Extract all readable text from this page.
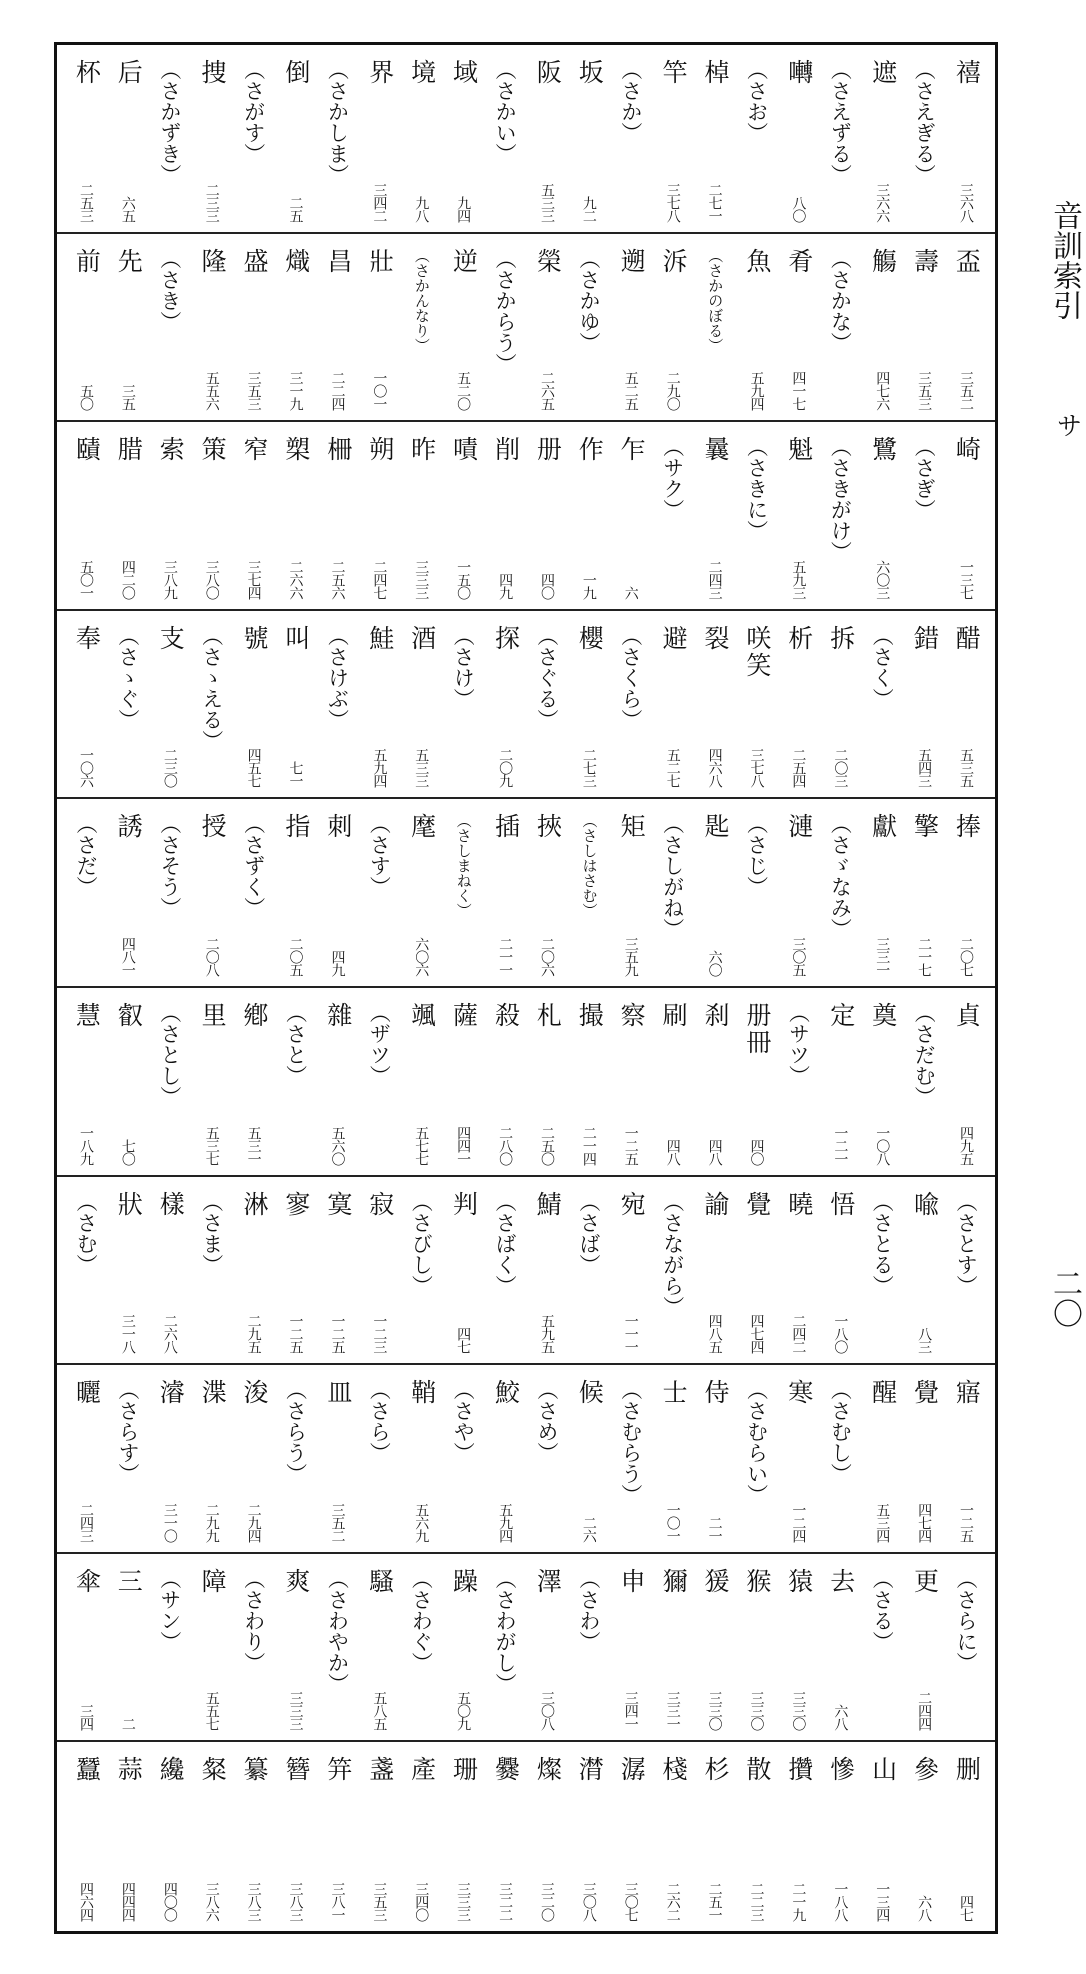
禧
三六八
（さえぎる）
遮
三六六
（さえずる）
囀
八〇
（さお）
棹
二七一
竿
三七八
（さか）
坂
九二
阪
五三三
（さかい）
域
九四
境
九八
界
三四二
（さかしま）
倒
二五
（さがす）
捜
二三三
（さかずき）
后
六五
杯
二五三
盃
三五二
壽
三五三
觴
四七六
（さかな）
肴
四一七
魚
五九四
（さかのぼる）
泝
二九〇
遡
五二五
（さかゆ）
榮
二六五
（さからう）
逆
五二〇
（さかんなり）
壯
一〇一
昌
二二四
熾
三一九
盛
三五三
隆
五五六
（さき）
先
三五
前
五〇
崎
一三七
（さぎ）
鷺
六〇三
（さきがけ）
魁
五九三
（さきに）
曩
二四三
（サク）
乍
六
作
一九
册
四〇
削
四九
嘖
一五〇
昨
三三三
朔
二四七
柵
二五六
槊
二六六
窄
三七四
策
三八〇
索
三八九
腊
四二〇
賾
五〇一
醋
五三五
錯
五四三
（さく）
拆
二〇三
析
二五四
咲笑
三七八
裂
四六八
避
五二七
（さくら）
櫻
二七三
（さぐる）
探
二〇九
（さけ）
酒
五三三
鮭
五九四
（さけぶ）
叫
七一
號
四五七
（さゝえる）
支
二三〇
（さゝぐ）
奉
一〇六
捧
二〇七
擎
二一七
獻
三三一
（さゞなみ）
漣
三〇五
（さじ）
匙
六〇
（さしがね）
矩
三五九
（さしはさむ）
挾
二〇六
插
二一一
（さしまねく）
麾
六〇六
（さす）
刺
四九
指
二〇五
（さずく）
授
二〇八
（さそう）
誘
四八一
（さだ）
貞
四九五
（さだむ）
奠
一〇八
定
一二一
（サツ）
册冊
四〇
刹
四八
刷
四八
察
一二五
撮
二一四
札
二五〇
殺
二八〇
薩
四四一
颯
五七七
（ザツ）
雜
五六〇
（さと）
鄕
五三一
里
五三七
（さとし）
叡
七〇
慧
一八九
（さとす）
喩
八三
（さとる）
悟
一八〇
曉
二四二
覺
四七四
諭
四八五
（さながら）
宛
一一一
（さば）
鯖
五九五
（さばく）
判
四七
（さびし）
寂
一二三
寞
一二五
寥
一二五
淋
二九五
（さま）
樣
二六八
狀
三一八
（さむ）
寤
一二五
覺
四七四
醒
五三四
（さむし）
寒
一二四
（さむらい）
侍
二一
士
一〇一
（さむらう）
候
二六
（さめ）
鮫
五九四
（さや）
鞘
五六九
（さら）
皿
三五二
（さらう）
浚
二九四
渫
二九九
濬
三一〇
（さらす）
曬
二四三
（さらに）
更
二四四
（さる）
去
六八
猿
三三〇
猴
三三〇
猨
三三〇
獮
三三一
申
三四一
（さわ）
澤
三〇八
（さわがし）
躁
五〇九
（さわぐ）
騷
五八五
（さわやか）
爽
三三三
（さわり）
障
五五七
（サン）
三
二
傘
三四
删
四七
參
六八
山
一三四
慘
一八八
攢
二一九
散
二二三
杉
二五一
棧
二六二
潺
三〇七
潸
三〇八
燦
三二〇
爨
三二二
珊
三三三
產
三四〇
盞
三五三
笄
三八一
簪
三八三
纂
三八三
粲
三八六
纔
四〇〇
蒜
四四四
蠶
四六四
音訓索引
サ
二〇
